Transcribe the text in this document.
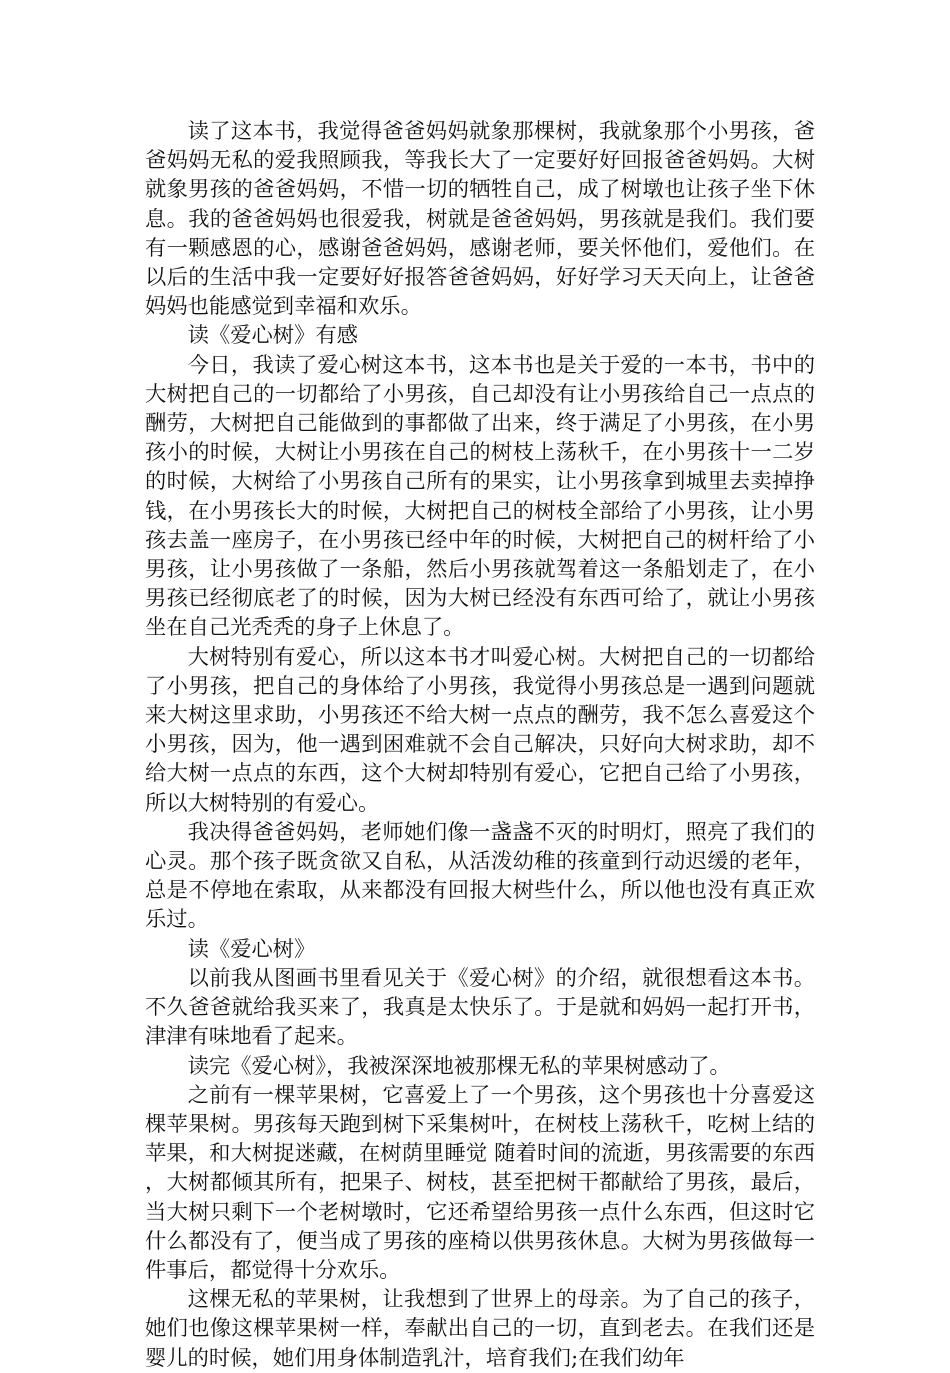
读了这本书，我觉得爸爸妈妈就象那棵树，我就象那个小男孩，爸爸妈妈无私的爱我照顾我，等我长大了一定要好好回报爸爸妈妈。大树就象男孩的爸爸妈妈，不惜一切的牺牲自己，成了树墩也让孩子坐下休息。我的爸爸妈妈也很爱我，树就是爸爸妈妈，男孩就是我们。我们要有一颗感恩的心，感谢爸爸妈妈，感谢老师，要关怀他们，爱他们。在以后的生活中我一定要好好报答爸爸妈妈，好好学习天天向上，让爸爸妈妈也能感觉到幸福和欢乐。

读《爱心树》有感

今日，我读了爱心树这本书，这本书也是关于爱的一本书，书中的大树把自己的一切都给了小男孩，自己却没有让小男孩给自己一点点的酬劳，大树把自己能做到的事都做了出来，终于满足了小男孩，在小男孩小的时候，大树让小男孩在自己的树枝上荡秋千，在小男孩十一二岁的时候，大树给了小男孩自己所有的果实，让小男孩拿到城里去卖掉挣钱，在小男孩长大的时候，大树把自己的树枝全部给了小男孩，让小男孩去盖一座房子，在小男孩已经中年的时候，大树把自己的树杆给了小男孩，让小男孩做了一条船，然后小男孩就驾着这一条船划走了，在小男孩已经彻底老了的时候，因为大树已经没有东西可给了，就让小男孩坐在自己光秃秃的身子上休息了。

大树特别有爱心，所以这本书才叫爱心树。大树把自己的一切都给了小男孩，把自己的身体给了小男孩，我觉得小男孩总是一遇到问题就来大树这里求助，小男孩还不给大树一点点的酬劳，我不怎么喜爱这个小男孩，因为，他一遇到困难就不会自己解决，只好向大树求助，却不给大树一点点的东西，这个大树却特别有爱心，它把自己给了小男孩，所以大树特别的有爱心。

我决得爸爸妈妈，老师她们像一盏盏不灭的时明灯，照亮了我们的心灵。那个孩子既贪欲又自私，从活泼幼稚的孩童到行动迟缓的老年，总是不停地在索取，从来都没有回报大树些什么，所以他也没有真正欢乐过。

读《爱心树》

以前我从图画书里看见关于《爱心树》的介绍，就很想看这本书。不久爸爸就给我买来了，我真是太快乐了。于是就和妈妈一起打开书，津津有味地看了起来。

读完《爱心树》，我被深深地被那棵无私的苹果树感动了。

之前有一棵苹果树，它喜爱上了一个男孩，这个男孩也十分喜爱这棵苹果树。男孩每天跑到树下采集树叶，在树枝上荡秋千，吃树上结的苹果，和大树捉迷藏，在树荫里睡觉 随着时间的流逝，男孩需要的东西，大树都倾其所有，把果子、树枝，甚至把树干都献给了男孩，最后，当大树只剩下一个老树墩时，它还希望给男孩一点什么东西，但这时它什么都没有了，便当成了男孩的座椅以供男孩休息。大树为男孩做每一件事后，都觉得十分欢乐。

这棵无私的苹果树，让我想到了世界上的母亲。为了自己的孩子，她们也像这棵苹果树一样，奉献出自己的一切，直到老去。在我们还是婴儿的时候，她们用身体制造乳汁，培育我们;在我们幼年
